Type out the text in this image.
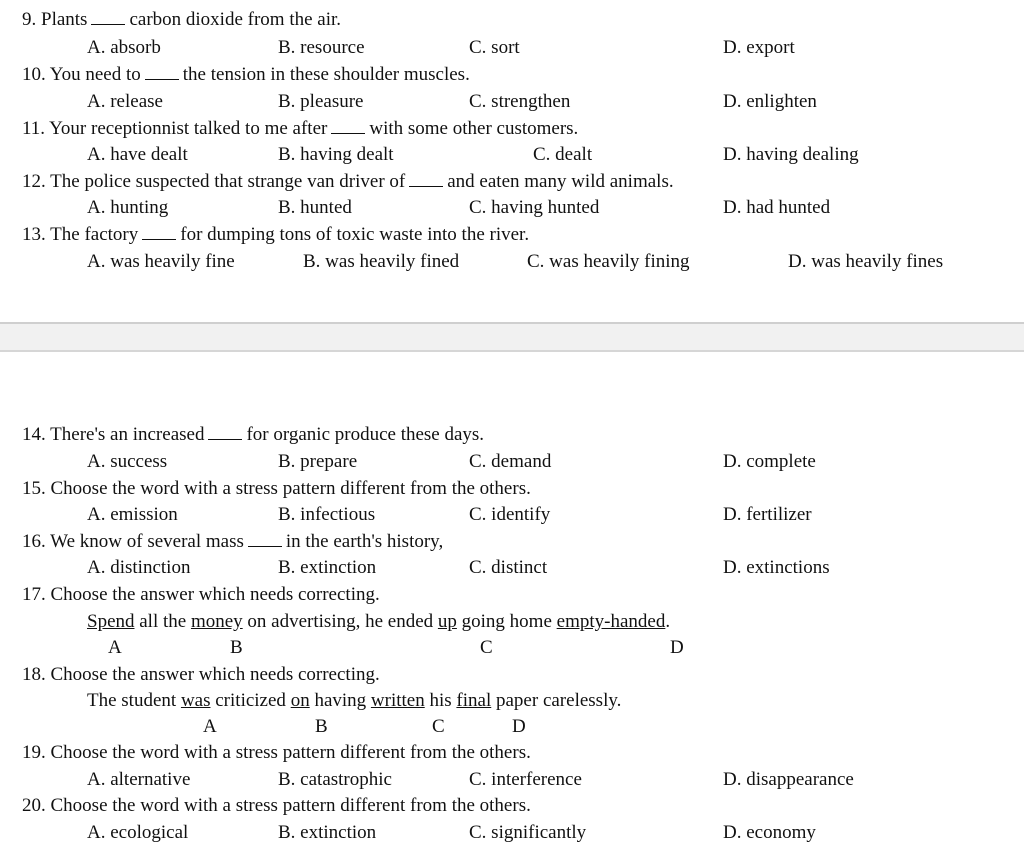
9. Plants carbon dioxide from the air.
A. absorb	B. resource	C. sort	D. export
10. You need to the tension in these shoulder muscles.
A. release	B. pleasure	C. strengthen	D. enlighten
11. Your receptionnist talked to me after with some other customers.
A. have dealt	B. having dealt	C. dealt	D. having dealing
12. The police suspected that strange van driver of and eaten many wild animals.
A. hunting	B. hunted	C. having hunted	D. had hunted
13. The factory for dumping tons of toxic waste into the river.
A. was heavily fine	B. was heavily fined	C. was heavily fining	D. was heavily fines
14. There's an increased for organic produce these days.
A. success	B. prepare	C. demand	D. complete
15. Choose the word with a stress pattern different from the others.
A. emission	B. infectious	C. identify	D. fertilizer
16. We know of several mass in the earth's history,
A. distinction	B. extinction	C. distinct	D. extinctions
17. Choose the answer which needs correcting.
Spend all the money on advertising, he ended up going home empty-handed.
A	B	C	D
18. Choose the answer which needs correcting.
The student was criticized on having written his final paper carelessly.
A	B	C	D
19. Choose the word with a stress pattern different from the others.
A. alternative	B. catastrophic	C. interference	D. disappearance
20. Choose the word with a stress pattern different from the others.
A. ecological	B. extinction	C. significantly	D. economy
